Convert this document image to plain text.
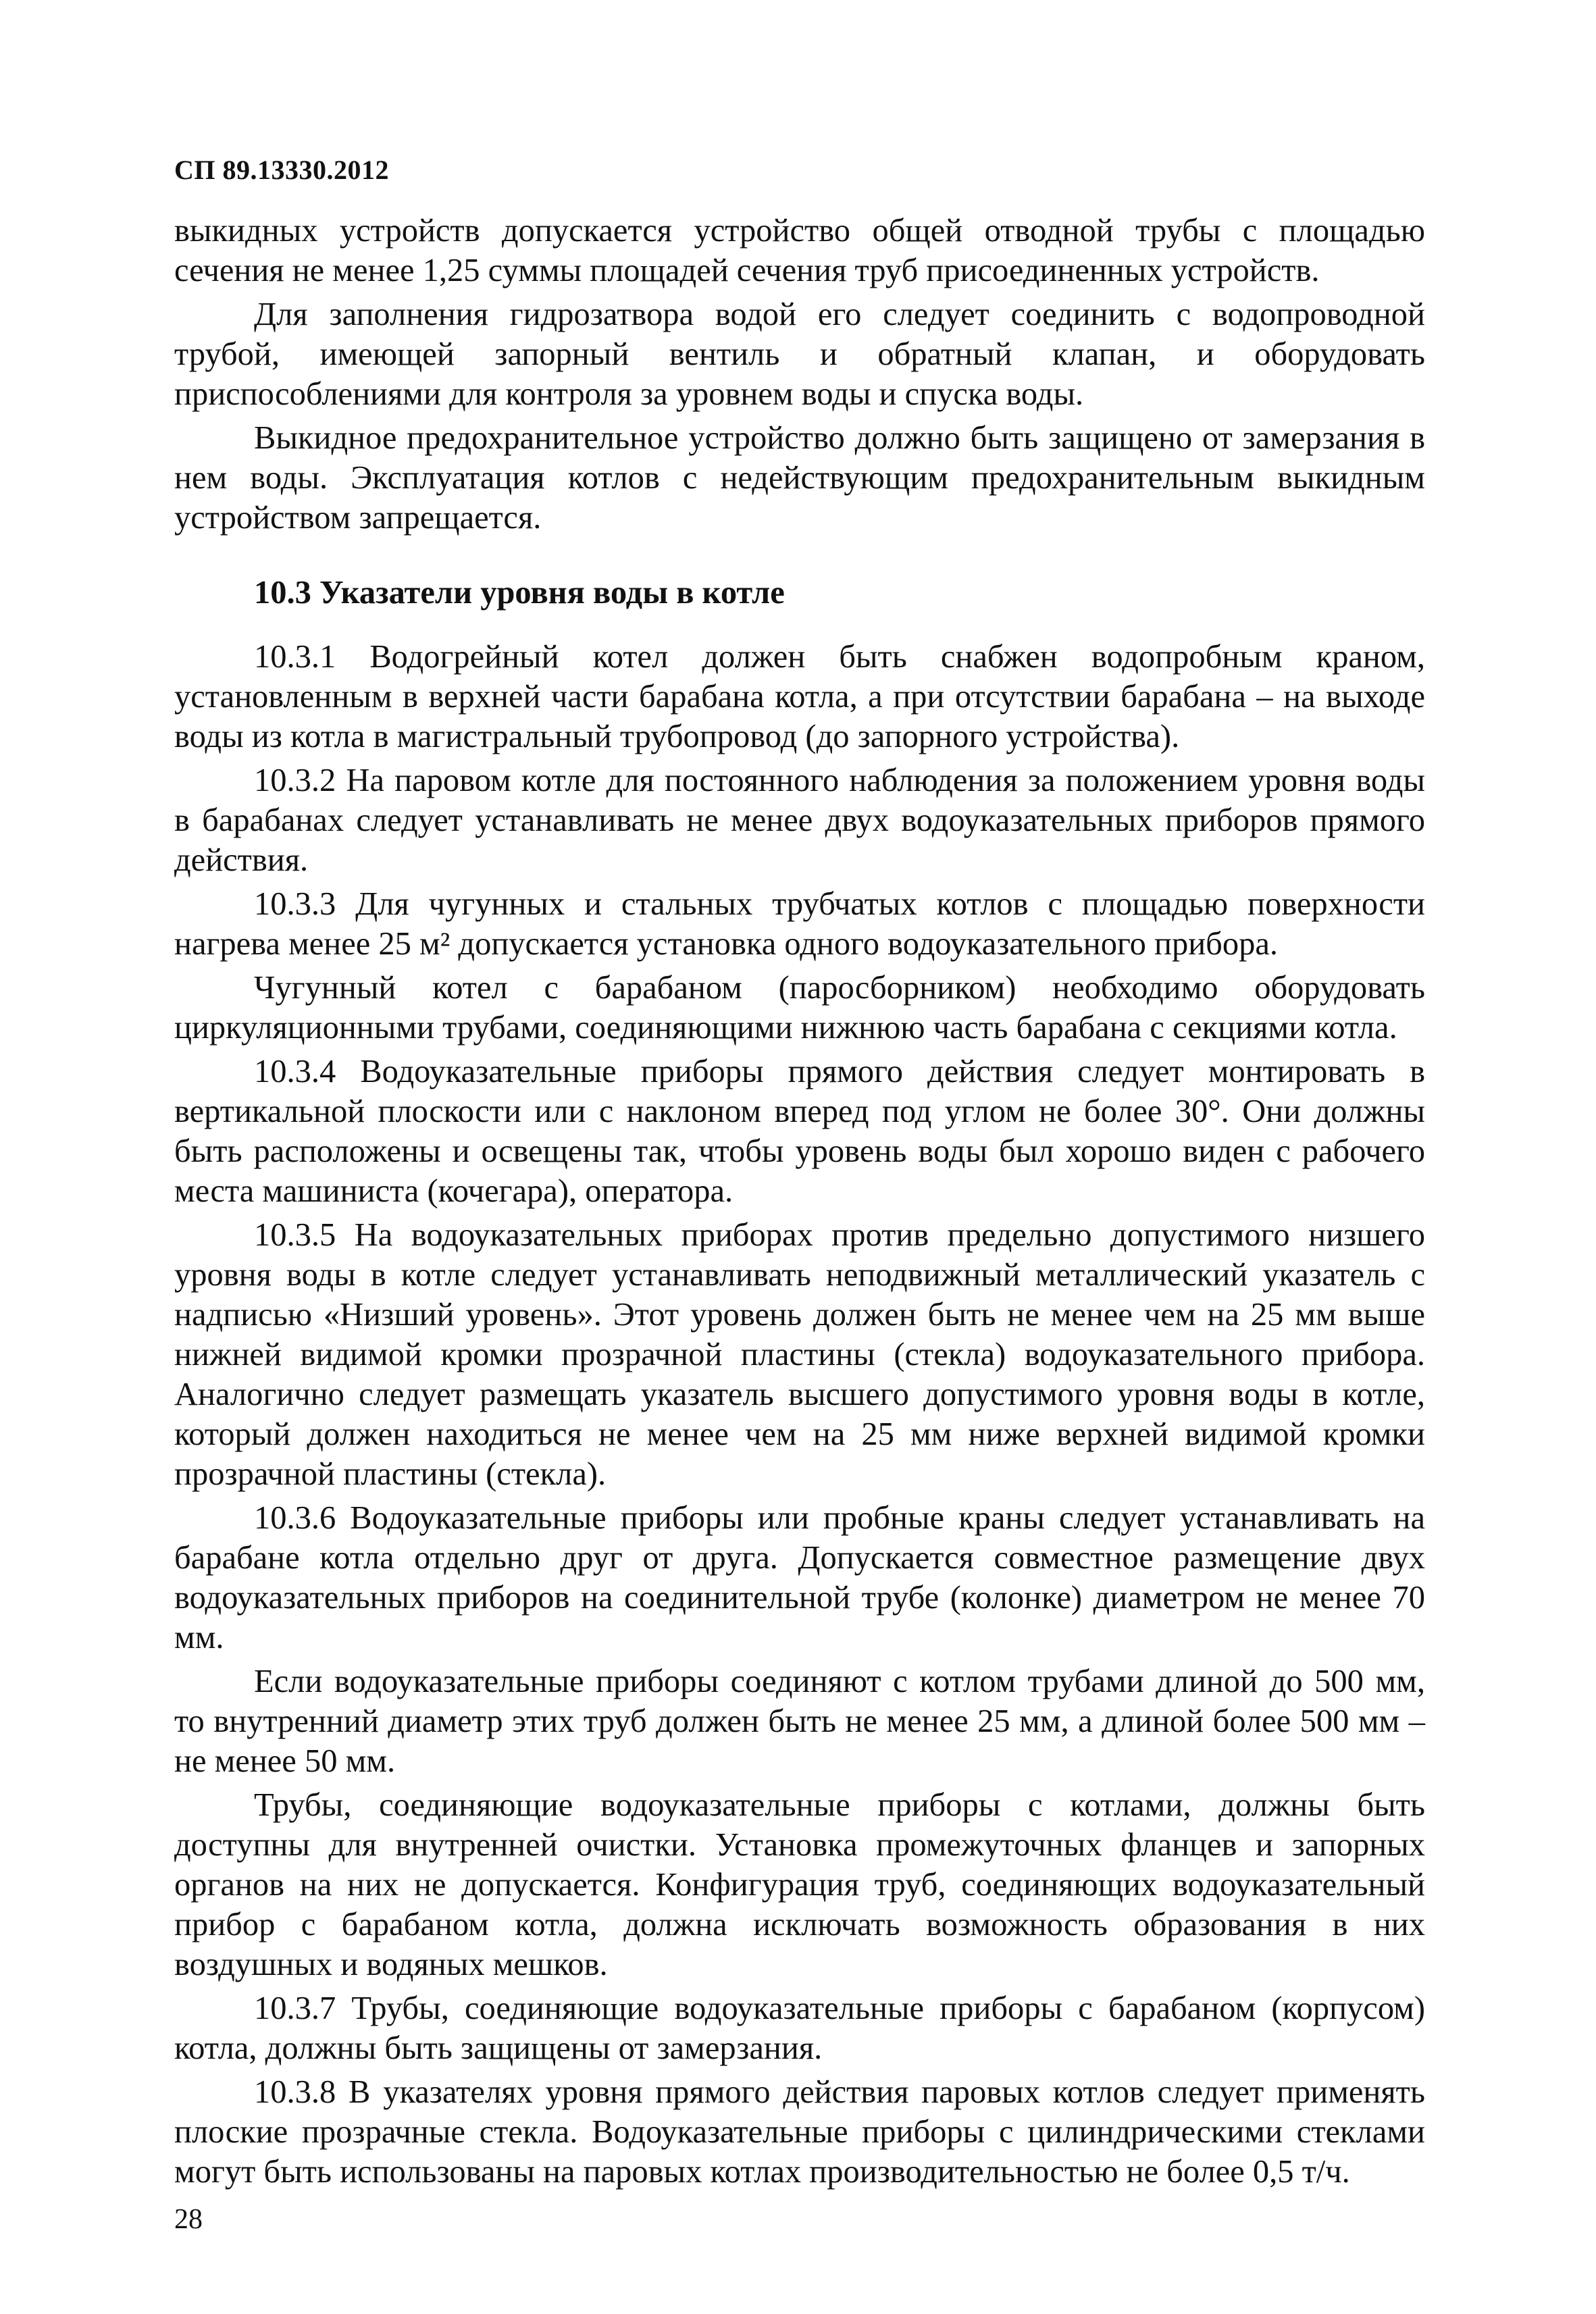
СП 89.13330.2012

выкидных устройств допускается устройство общей отводной трубы с площадью сечения не менее 1,25 суммы площадей сечения труб присоединенных устройств.

Для заполнения гидрозатвора водой его следует соединить с водопроводной трубой, имеющей запорный вентиль и обратный клапан, и оборудовать приспособлениями для контроля за уровнем воды и спуска воды.

Выкидное предохранительное устройство должно быть защищено от замерзания в нем воды. Эксплуатация котлов с недействующим предохранительным выкидным устройством запрещается.

10.3 Указатели уровня воды в котле

10.3.1 Водогрейный котел должен быть снабжен водопробным краном, установленным в верхней части барабана котла, а при отсутствии барабана – на выходе воды из котла в магистральный трубопровод (до запорного устройства).

10.3.2 На паровом котле для постоянного наблюдения за положением уровня воды в барабанах следует устанавливать не менее двух водоуказательных приборов прямого действия.

10.3.3 Для чугунных и стальных трубчатых котлов с площадью поверхности нагрева менее 25 м² допускается установка одного водоуказательного прибора.

Чугунный котел с барабаном (паросборником) необходимо оборудовать циркуляционными трубами, соединяющими нижнюю часть барабана с секциями котла.

10.3.4 Водоуказательные приборы прямого действия следует монтировать в вертикальной плоскости или с наклоном вперед под углом не более 30°. Они должны быть расположены и освещены так, чтобы уровень воды был хорошо виден с рабочего места машиниста (кочегара), оператора.

10.3.5 На водоуказательных приборах против предельно допустимого низшего уровня воды в котле следует устанавливать неподвижный металлический указатель с надписью «Низший уровень». Этот уровень должен быть не менее чем на 25 мм выше нижней видимой кромки прозрачной пластины (стекла) водоуказательного прибора. Аналогично следует размещать указатель высшего допустимого уровня воды в котле, который должен находиться не менее чем на 25 мм ниже верхней видимой кромки прозрачной пластины (стекла).

10.3.6 Водоуказательные приборы или пробные краны следует устанавливать на барабане котла отдельно друг от друга. Допускается совместное размещение двух водоуказательных приборов на соединительной трубе (колонке) диаметром не менее 70 мм.

Если водоуказательные приборы соединяют с котлом трубами длиной до 500 мм, то внутренний диаметр этих труб должен быть не менее 25 мм, а длиной более 500 мм – не менее 50 мм.

Трубы, соединяющие водоуказательные приборы с котлами, должны быть доступны для внутренней очистки. Установка промежуточных фланцев и запорных органов на них не допускается. Конфигурация труб, соединяющих водоуказательный прибор с барабаном котла, должна исключать возможность образования в них воздушных и водяных мешков.

10.3.7 Трубы, соединяющие водоуказательные приборы с барабаном (корпусом) котла, должны быть защищены от замерзания.

10.3.8 В указателях уровня прямого действия паровых котлов следует применять плоские прозрачные стекла. Водоуказательные приборы с цилиндрическими стеклами могут быть использованы на паровых котлах производительностью не более 0,5 т/ч.

28
